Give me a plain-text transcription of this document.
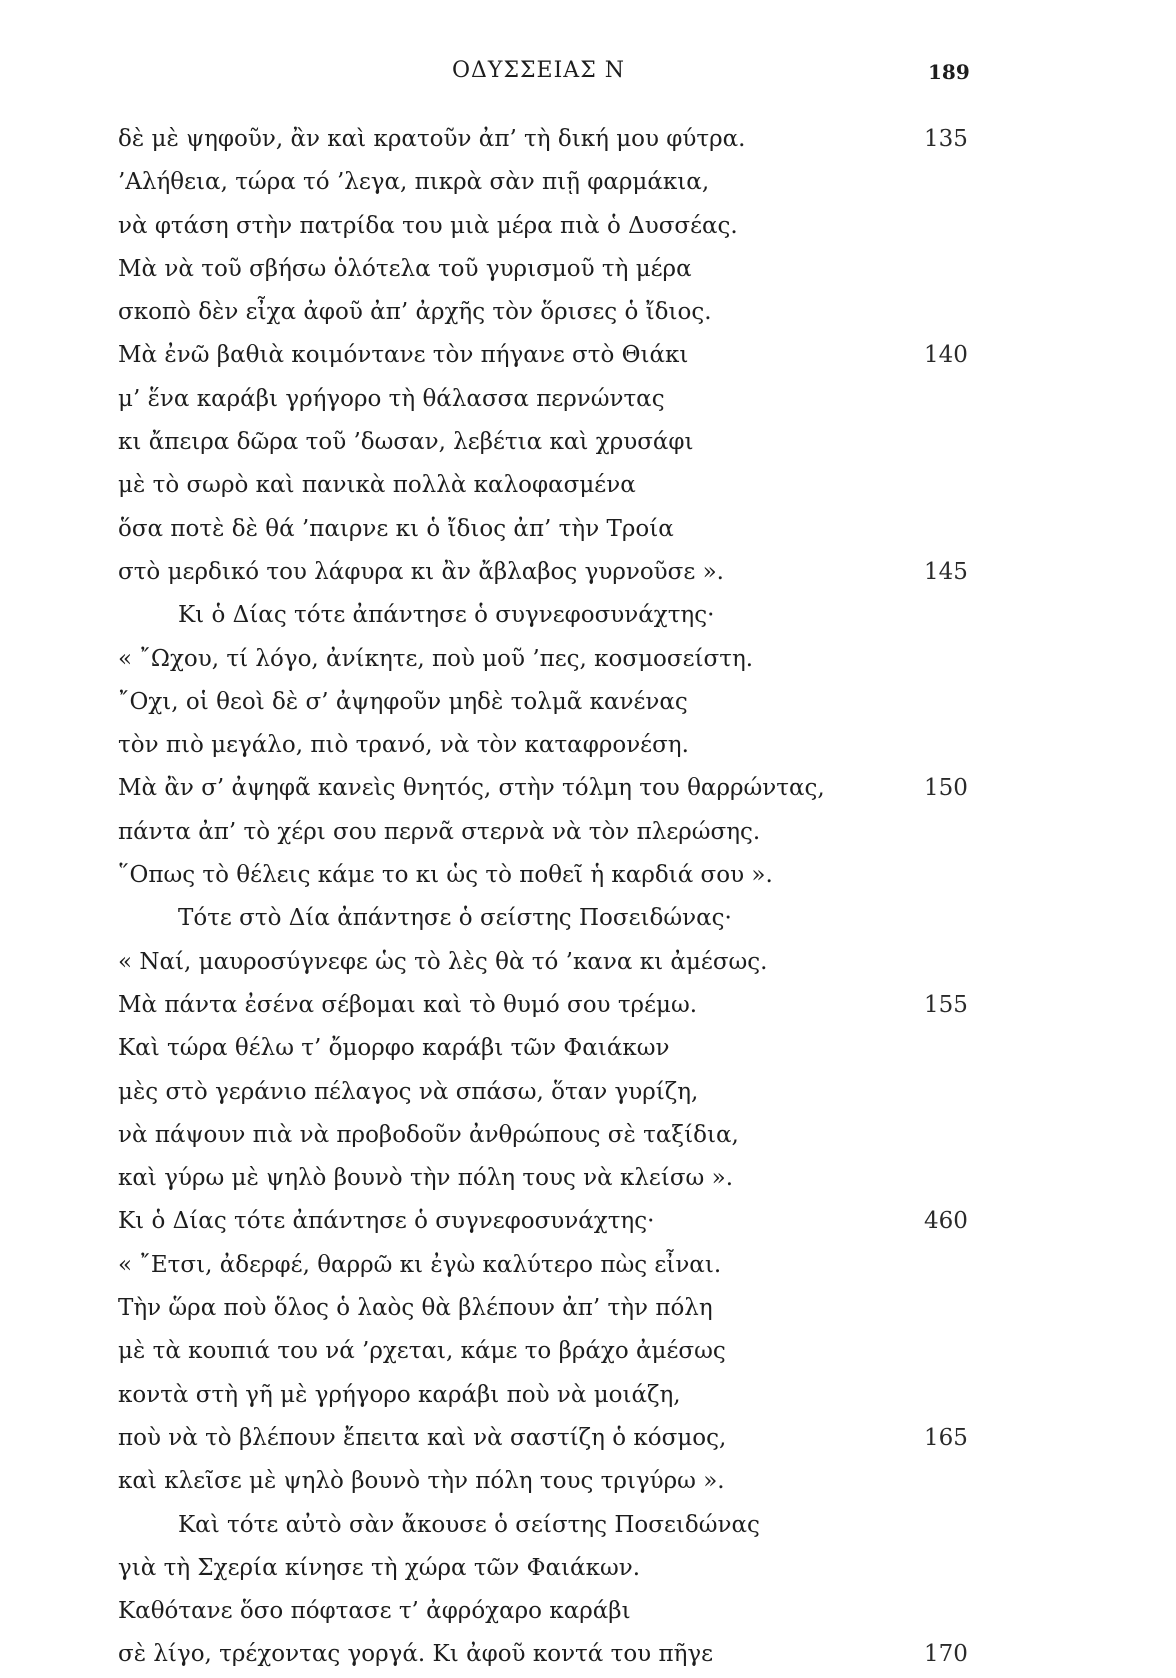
ΟΔΥΣΣΕΙΑΣ Ν	189
δὲ μὲ ψηφοῦν, ἂν καὶ κρατοῦν ἀπ’ τὴ δική μου φύτρα.	135
’Αλήθεια, τώρα τό ’λεγα, πικρὰ σὰν πιῇ φαρμάκια,
νὰ φτάση στὴν πατρίδα του μιὰ μέρα πιὰ ὁ Δυσσέας.
Μὰ νὰ τοῦ σβήσω ὁλότελα τοῦ γυρισμοῦ τὴ μέρα
σκοπὸ δὲν εἶχα ἀφοῦ ἀπ’ ἀρχῆς τὸν ὅρισες ὁ ἴδιος.
Μὰ ἐνῶ βαθιὰ κοιμόντανε τὸν πήγανε στὸ Θιάκι	140
μ’ ἕνα καράβι γρήγορο τὴ θάλασσα περνώντας
κι ἄπειρα δῶρα τοῦ ’δωσαν, λεβέτια καὶ χρυσάφι
μὲ τὸ σωρὸ καὶ πανικὰ πολλὰ καλοφασμένα
ὅσα ποτὲ δὲ θά ’παιρνε κι ὁ ἴδιος ἀπ’ τὴν Τροία
στὸ μερδικό του λάφυρα κι ἂν ἄβλαβος γυρνοῦσε ».	145
Κι ὁ Δίας τότε ἀπάντησε ὁ συγνεφοσυνάχτης·
« ῎Ωχου, τί λόγο, ἀνίκητε, ποὺ μοῦ ’πες, κοσμοσείστη.
῎Οχι, οἱ θεοὶ δὲ σ’ ἀψηφοῦν μηδὲ τολμᾶ κανένας
τὸν πιὸ μεγάλο, πιὸ τρανό, νὰ τὸν καταφρονέση.
Μὰ ἂν σ’ ἀψηφᾶ κανεὶς θνητός, στὴν τόλμη του θαρρώντας,	150
πάντα ἀπ’ τὸ χέρι σου περνᾶ στερνὰ νὰ τὸν πλερώσης.
῞Οπως τὸ θέλεις κάμε το κι ὡς τὸ ποθεῖ ἡ καρδιά σου ».
Τότε στὸ Δία ἀπάντησε ὁ σείστης Ποσειδώνας·
« Ναί, μαυροσύγνεφε ὡς τὸ λὲς θὰ τό ’κανα κι ἀμέσως.
Μὰ πάντα ἐσένα σέβομαι καὶ τὸ θυμό σου τρέμω.	155
Καὶ τώρα θέλω τ’ ὄμορφο καράβι τῶν Φαιάκων
μὲς στὸ γεράνιο πέλαγος νὰ σπάσω, ὅταν γυρίζη,
νὰ πάψουν πιὰ νὰ προβοδοῦν ἀνθρώπους σὲ ταξίδια,
καὶ γύρω μὲ ψηλὸ βουνὸ τὴν πόλη τους νὰ κλείσω ».
Κι ὁ Δίας τότε ἀπάντησε ὁ συγνεφοσυνάχτης·	460
« ῎Ετσι, ἀδερφέ, θαρρῶ κι ἐγὼ καλύτερο πὼς εἶναι.
Τὴν ὥρα ποὺ ὅλος ὁ λαὸς θὰ βλέπουν ἀπ’ τὴν πόλη
μὲ τὰ κουπιά του νά ’ρχεται, κάμε το βράχο ἀμέσως
κοντὰ στὴ γῆ μὲ γρήγορο καράβι ποὺ νὰ μοιάζη,
ποὺ νὰ τὸ βλέπουν ἔπειτα καὶ νὰ σαστίζη ὁ κόσμος,	165
καὶ κλεῖσε μὲ ψηλὸ βουνὸ τὴν πόλη τους τριγύρω ».
Καὶ τότε αὐτὸ σὰν ἄκουσε ὁ σείστης Ποσειδώνας
γιὰ τὴ Σχερία κίνησε τὴ χώρα τῶν Φαιάκων.
Καθότανε ὅσο πόφτασε τ’ ἀφρόχαρο καράβι
σὲ λίγο, τρέχοντας γοργά. Κι ἀφοῦ κοντά του πῆγε	170
